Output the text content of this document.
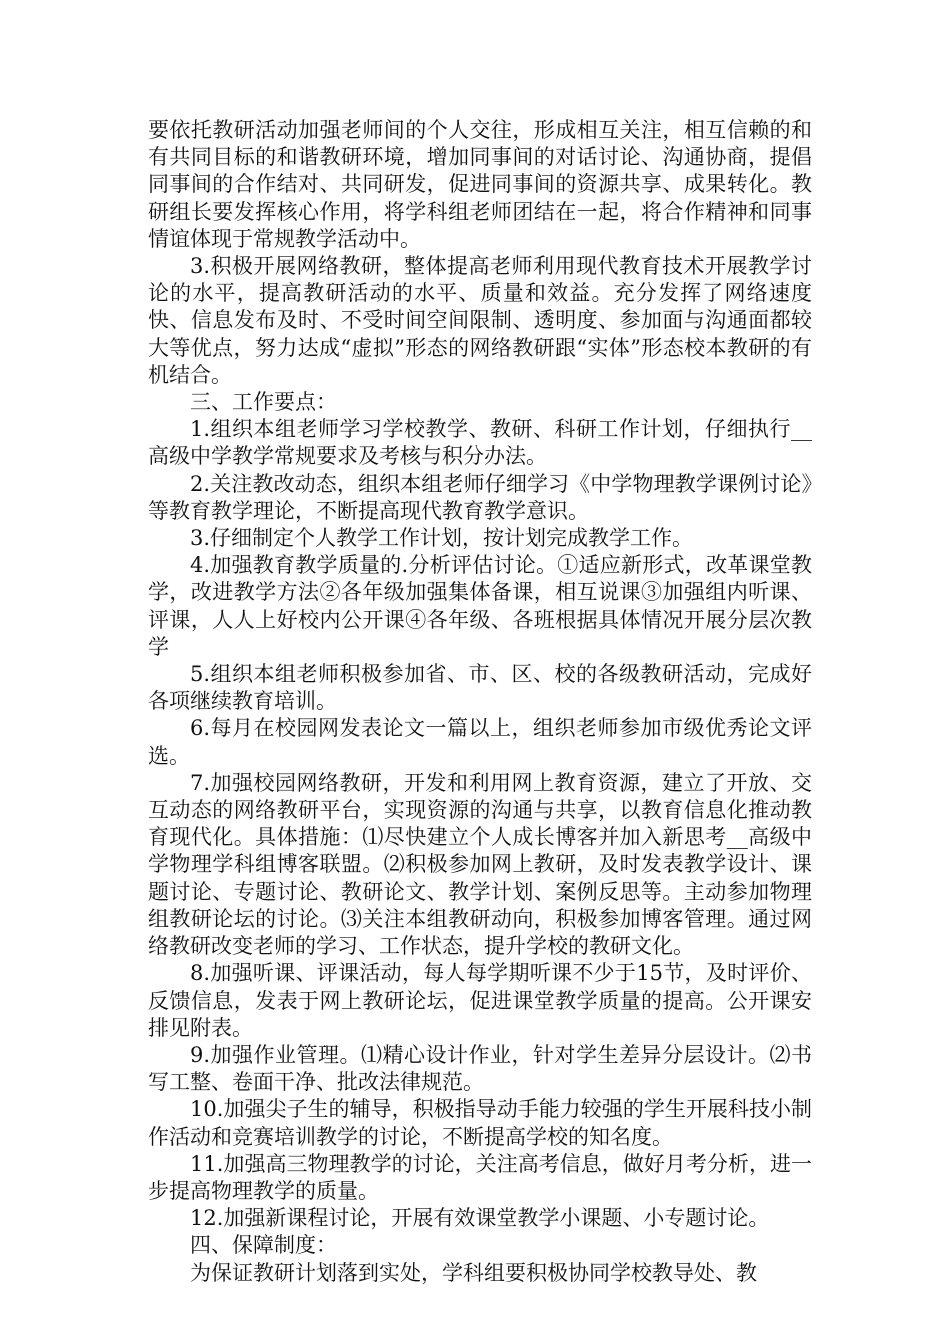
要依托教研活动加强老师间的个人交往，形成相互关注，相互信赖的和有共同目标的和谐教研环境，增加同事间的对话讨论、沟通协商，提倡同事间的合作结对、共同研发，促进同事间的资源共享、成果转化。教研组长要发挥核心作用，将学科组老师团结在一起，将合作精神和同事情谊体现于常规教学活动中。

3.积极开展网络教研，整体提高老师利用现代教育技术开展教学讨论的水平，提高教研活动的水平、质量和效益。充分发挥了网络速度快、信息发布及时、不受时间空间限制、透明度、参加面与沟通面都较大等优点，努力达成“虚拟”形态的网络教研跟“实体”形态校本教研的有机结合。

三、工作要点：

1.组织本组老师学习学校教学、教研、科研工作计划，仔细执行__高级中学教学常规要求及考核与积分办法。

2.关注教改动态，组织本组老师仔细学习《中学物理教学课例讨论》等教育教学理论，不断提高现代教育教学意识。

3.仔细制定个人教学工作计划，按计划完成教学工作。

4.加强教育教学质量的.分析评估讨论。①适应新形式，改革课堂教学，改进教学方法②各年级加强集体备课，相互说课③加强组内听课、评课，人人上好校内公开课④各年级、各班根据具体情况开展分层次教学

5.组织本组老师积极参加省、市、区、校的各级教研活动，完成好各项继续教育培训。

6.每月在校园网发表论文一篇以上，组织老师参加市级优秀论文评选。

7.加强校园网络教研，开发和利用网上教育资源，建立了开放、交互动态的网络教研平台，实现资源的沟通与共享，以教育信息化推动教育现代化。具体措施：⑴尽快建立个人成长博客并加入新思考__高级中学物理学科组博客联盟。⑵积极参加网上教研，及时发表教学设计、课题讨论、专题讨论、教研论文、教学计划、案例反思等。主动参加物理组教研论坛的讨论。⑶关注本组教研动向，积极参加博客管理。通过网络教研改变老师的学习、工作状态，提升学校的教研文化。

8.加强听课、评课活动，每人每学期听课不少于15节，及时评价、反馈信息，发表于网上教研论坛，促进课堂教学质量的提高。公开课安排见附表。

9.加强作业管理。⑴精心设计作业，针对学生差异分层设计。⑵书写工整、卷面干净、批改法律规范。

10.加强尖子生的辅导，积极指导动手能力较强的学生开展科技小制作活动和竞赛培训教学的讨论，不断提高学校的知名度。

11.加强高三物理教学的讨论，关注高考信息，做好月考分析，进一步提高物理教学的质量。

12.加强新课程讨论，开展有效课堂教学小课题、小专题讨论。

四、保障制度：

为保证教研计划落到实处，学科组要积极协同学校教导处、教
